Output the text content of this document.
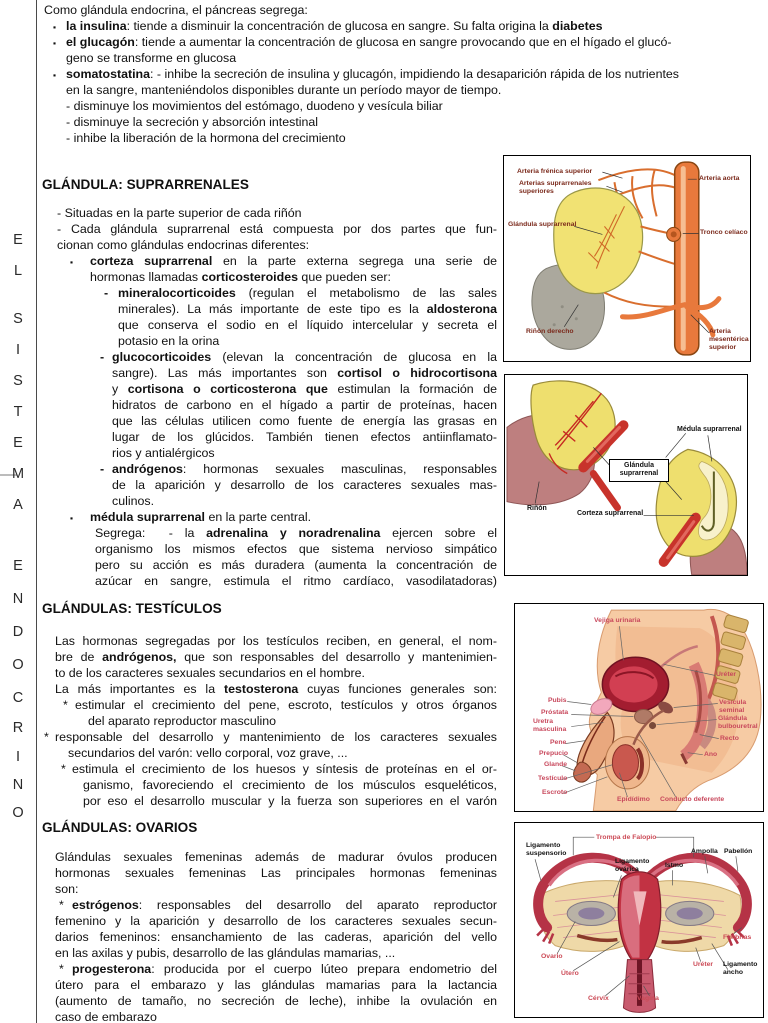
E
L
S
I
S
T
E
M
A
E
N
D
O
C
R
I
N
O
Como glándula endocrina, el páncreas segrega:
▪ la insulina: tiende a disminuir la concentración de glucosa en sangre. Su falta origina la diabetes
▪ el glucagón: tiende a aumentar la concentración de glucosa en sangre provocando que en el hígado el glucó-
geno se transforme en glucosa
▪ somatostatina: - inhibe la secreción de insulina y glucagón, impidiendo la desaparición rápida de los nutrientes
en la sangre, manteniéndolos disponibles durante un período mayor de tiempo.
- disminuye los movimientos del estómago, duodeno y vesícula biliar
- disminuye la secreción y absorción intestinal
- inhibe la liberación de la hormona del crecimiento
GLÁNDULA: SUPRARRENALES
- Situadas en la parte superior de cada riñón
- Cada glándula suprarrenal está compuesta por dos partes que fun-
cionan como glándulas endocrinas diferentes:
▪ corteza suprarrenal en la parte externa segrega una serie de
hormonas llamadas corticosteroides que pueden ser:
- mineralocorticoides (regulan el metabolismo de las sales
minerales). La más importante de este tipo es la aldosterona
que conserva el sodio en el líquido intercelular y secreta el
potasio en la orina
- glucocorticoides (elevan la concentración de glucosa en la
sangre). Las más importantes son cortisol o hidrocortisona
y cortisona o corticosterona que estimulan la formación de
hidratos de carbono en el hígado a partir de proteínas, hacen
que las células utilicen como fuente de energía las grasas en
lugar de los glúcidos. También tienen efectos antiinflamato-
rios y antialérgicos
- andrógenos: hormonas sexuales masculinas, responsables
de la aparición y desarrollo de los caracteres sexuales mas-
culinos.
▪ médula suprarrenal en la parte central.
Segrega:  - la adrenalina y noradrenalina ejercen sobre el
organismo los mismos efectos que sistema nervioso simpático
pero su acción es más duradera (aumenta la concentración de
azúcar en sangre, estimula el ritmo cardíaco, vasodilatadoras)
GLÁNDULAS: TESTÍCULOS
Las hormonas segregadas por los testículos reciben, en general, el nom-
bre de andrógenos, que son responsables del desarrollo y mantenimien-
to de los caracteres sexuales secundarios en el hombre.
La más importantes es la testosterona cuyas funciones generales son:
* estimular el crecimiento del pene, escroto, testículos y otros órganos
del aparato reproductor masculino
* responsable del desarrollo y mantenimiento de los caracteres sexuales
secundarios del varón: vello corporal, voz grave, ...
* estimula el crecimiento de los huesos y síntesis de proteínas en el or-
ganismo, favoreciendo el crecimiento de los músculos esqueléticos,
por eso el desarrollo muscular y la fuerza son superiores en el varón
GLÁNDULAS: OVARIOS
Glándulas sexuales femeninas además de madurar óvulos producen
hormonas sexuales femeninas Las principales hormonas femeninas
son:
* estrógenos: responsables del desarrollo del aparato reproductor
femenino y la aparición y desarrollo de los caracteres sexuales secun-
darios femeninos: ensanchamiento de las caderas, aparición del vello
en las axilas y pubis, desarrollo de las glándulas mamarias, ...
* progesterona: producida por el cuerpo lúteo prepara endometrio del
útero para el embarazo y las glándulas mamarias para la lactancia
(aumento de tamaño, no secreción de leche), inhibe la ovulación en
caso de embarazo
Arteria frénica superior
Arterias suprarrenales superiores
Glándula suprarrenal
Riñón derecho
Arteria aorta
Tronco celíaco
Arteria mesentérica superior
Médula suprarrenal
Glándula suprarrenal
Riñón
Corteza suprarrenal
Vejiga urinaria
Pubis
Próstata
Uretra masculina
Pene
Prepucio
Glande
Testículo
Escroto
Uréter
Vesícula seminal
Glándula bulbouretral
Recto
Ano
Epidídimo Conducto deferente
Trompa de Falopio
Ligamento suspensorio
Ligamento ovárica
Istmo
Ampolla Pabellón
Fimbrias
Ovario
Útero
Uréter Ligamento ancho
Cérvix	Vagina
